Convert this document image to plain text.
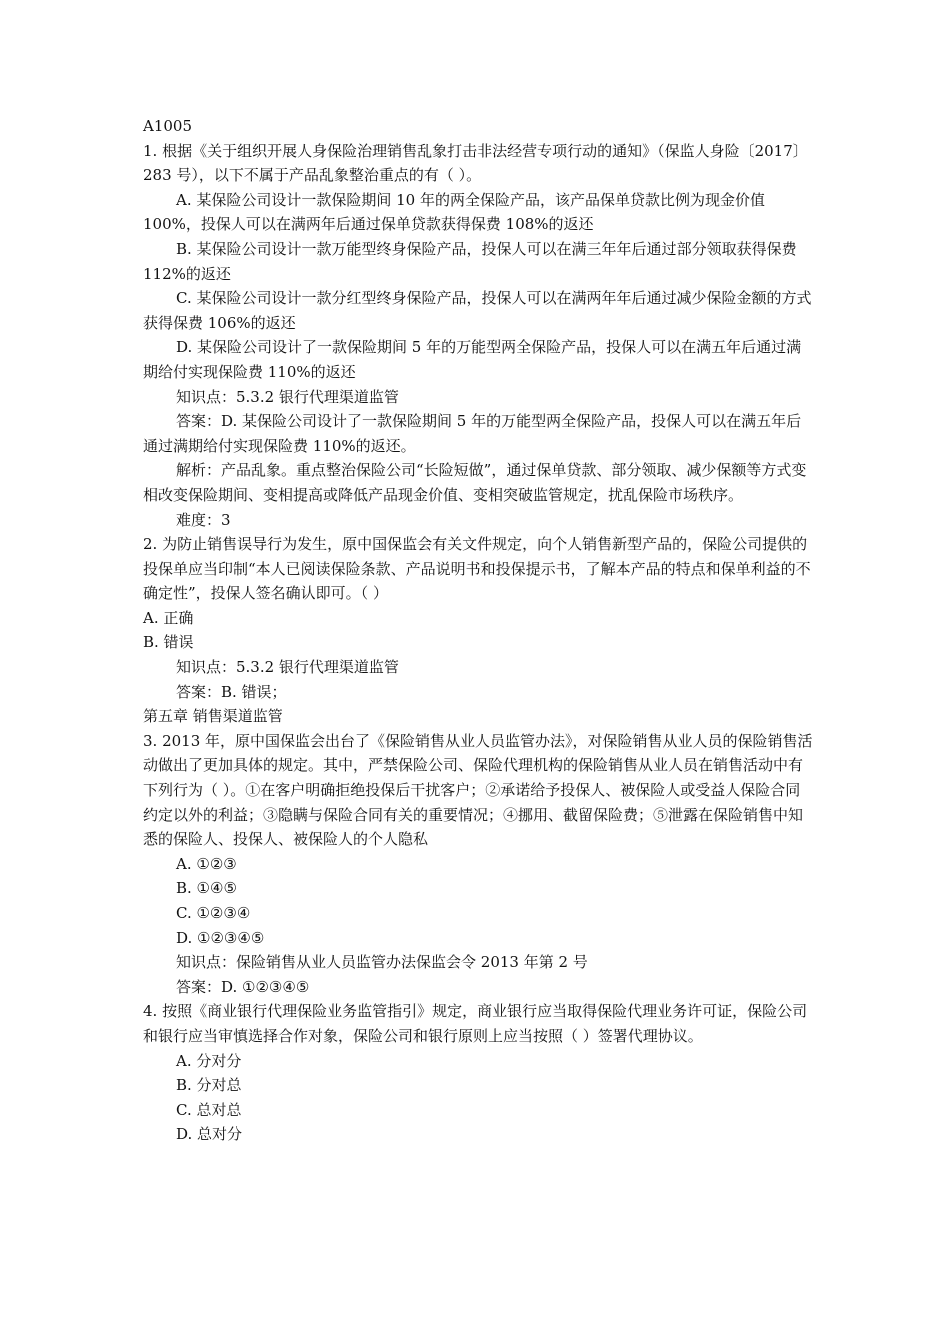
A1005
1. 根据《关于组织开展人身保险治理销售乱象打击非法经营专项行动的通知》（保监人身险〔2017〕283 号），以下不属于产品乱象整治重点的有（ ）。
A. 某保险公司设计一款保险期间 10 年的两全保险产品，该产品保单贷款比例为现金价值 100%，投保人可以在满两年后通过保单贷款获得保费 108%的返还
B. 某保险公司设计一款万能型终身保险产品，投保人可以在满三年年后通过部分领取获得保费 112%的返还
C. 某保险公司设计一款分红型终身保险产品，投保人可以在满两年年后通过减少保险金额的方式获得保费 106%的返还
D. 某保险公司设计了一款保险期间 5 年的万能型两全保险产品，投保人可以在满五年后通过满期给付实现保险费 110%的返还
知识点：5.3.2 银行代理渠道监管
答案：D. 某保险公司设计了一款保险期间 5 年的万能型两全保险产品，投保人可以在满五年后通过满期给付实现保险费 110%的返还。
解析：产品乱象。重点整治保险公司“长险短做”，通过保单贷款、部分领取、减少保额等方式变相改变保险期间、变相提高或降低产品现金价值、变相突破监管规定，扰乱保险市场秩序。
难度：3
2. 为防止销售误导行为发生，原中国保监会有关文件规定，向个人销售新型产品的，保险公司提供的投保单应当印制“本人已阅读保险条款、产品说明书和投保提示书，了解本产品的特点和保单利益的不确定性”，投保人签名确认即可。（ ）
A. 正确
B. 错误
知识点：5.3.2 银行代理渠道监管
答案：B. 错误；
第五章 销售渠道监管
3. 2013 年，原中国保监会出台了《保险销售从业人员监管办法》，对保险销售从业人员的保险销售活动做出了更加具体的规定。其中，严禁保险公司、保险代理机构的保险销售从业人员在销售活动中有下列行为（ ）。①在客户明确拒绝投保后干扰客户；②承诺给予投保人、被保险人或受益人保险合同约定以外的利益；③隐瞒与保险合同有关的重要情况；④挪用、截留保险费；⑤泄露在保险销售中知悉的保险人、投保人、被保险人的个人隐私
A. ①②③
B. ①④⑤
C. ①②③④
D. ①②③④⑤
知识点：保险销售从业人员监管办法保监会令 2013 年第 2 号
答案：D. ①②③④⑤
4. 按照《商业银行代理保险业务监管指引》规定，商业银行应当取得保险代理业务许可证，保险公司和银行应当审慎选择合作对象，保险公司和银行原则上应当按照（ ）签署代理协议。
A. 分对分
B. 分对总
C. 总对总
D. 总对分
